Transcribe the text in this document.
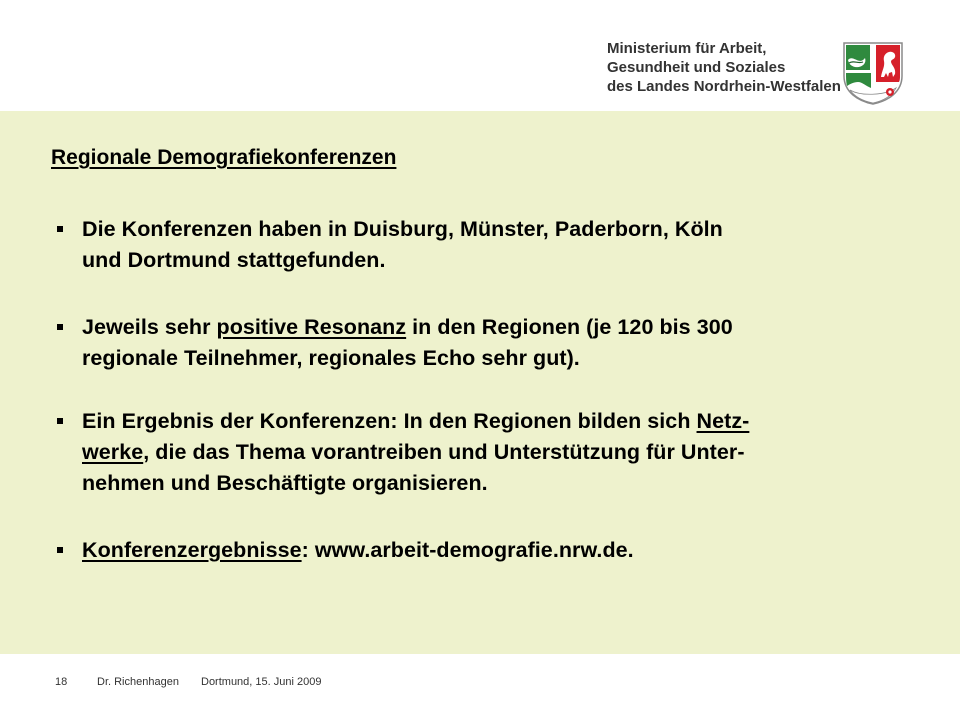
Ministerium für Arbeit,
Gesundheit und Soziales
des Landes Nordrhein-Westfalen
Regionale Demografiekonferenzen
Die Konferenzen haben in Duisburg, Münster, Paderborn, Köln
und Dortmund stattgefunden.
Jeweils sehr positive Resonanz in den Regionen (je 120 bis 300
regionale Teilnehmer, regionales Echo sehr gut).
Ein Ergebnis der Konferenzen: In den Regionen bilden sich Netz-
werke, die das Thema vorantreiben und Unterstützung für Unter-
nehmen und Beschäftigte organisieren.
Konferenzergebnisse: www.arbeit-demografie.nrw.de.
18	Dr. Richenhagen Dortmund, 15. Juni 2009
